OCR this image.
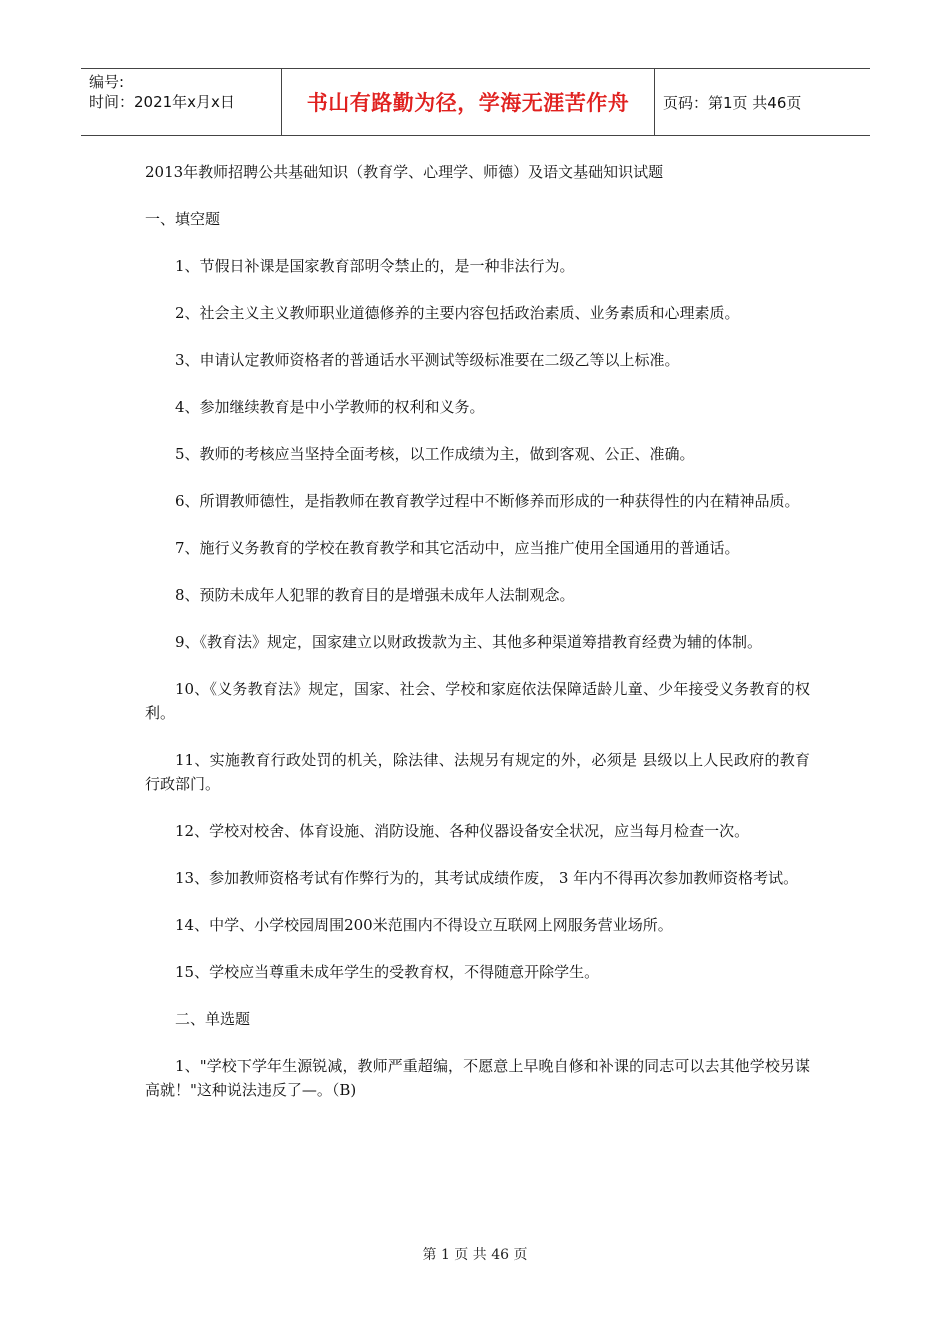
编号:
时间：2021年x月x日	书山有路勤为径，学海无涯苦作舟	页码：第1页 共46页
2013年教师招聘公共基础知识（教育学、心理学、师德）及语文基础知识试题
一、填空题

1、节假日补课是国家教育部明令禁止的，是一种非法行为。

2、社会主义主义教师职业道德修养的主要内容包括政治素质、业务素质和心理素质。

3、申请认定教师资格者的普通话水平测试等级标准要在二级乙等以上标准。

4、参加继续教育是中小学教师的权利和义务。

5、教师的考核应当坚持全面考核，以工作成绩为主，做到客观、公正、准确。

6、所谓教师德性，是指教师在教育教学过程中不断修养而形成的一种获得性的内在精神品质。

7、施行义务教育的学校在教育教学和其它活动中，应当推广使用全国通用的普通话。

8、预防未成年人犯罪的教育目的是增强未成年人法制观念。

9、《教育法》规定，国家建立以财政拨款为主、其他多种渠道筹措教育经费为辅的体制。

10、《义务教育法》规定，国家、社会、学校和家庭依法保障适龄儿童、少年接受义务教育的权利。

11、实施教育行政处罚的机关，除法律、法规另有规定的外，必须是 县级以上人民政府的教育行政部门。

12、学校对校舍、体育设施、消防设施、各种仪器设备安全状况，应当每月检查一次。

13、参加教师资格考试有作弊行为的，其考试成绩作废， 3 年内不得再次参加教师资格考试。

14、中学、小学校园周围200米范围内不得设立互联网上网服务营业场所。

15、学校应当尊重未成年学生的受教育权，不得随意开除学生。

二、单选题

1、"学校下学年生源锐减，教师严重超编，不愿意上早晚自修和补课的同志可以去其他学校另谋高就！"这种说法违反了—。（B)

第 1 页 共 46 页
